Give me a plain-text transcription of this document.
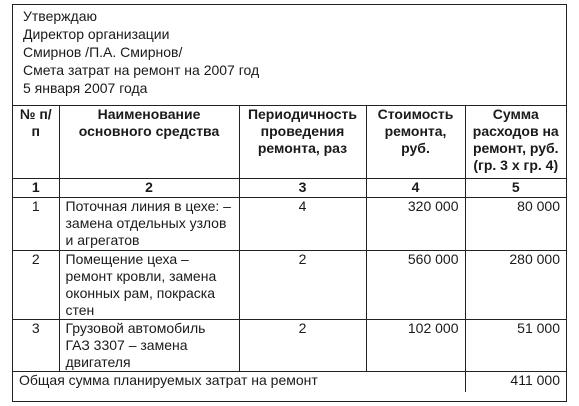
Утверждаю
Директор организации
Смирнов /П.А. Смирнов/
Смета затрат на ремонт на 2007 год
5 января 2007 года
№ п/п	Наименование основного средства	Периодичность проведения ремонта, раз	Стоимость ремонта, руб.	Сумма расходов на ремонт, руб. (гр. 3 х гр. 4)
1	2	3	4	5
1	Поточная линия в цехе: – замена отдельных узлов и агрегатов	4	320 000	80 000
2	Помещение цеха – ремонт кровли, замена оконных рам, покраска стен	2	560 000	280 000
3	Грузовой автомобиль ГАЗ 3307 – замена двигателя	2	102 000	51 000
Общая сумма планируемых затрат на ремонт				411 000
